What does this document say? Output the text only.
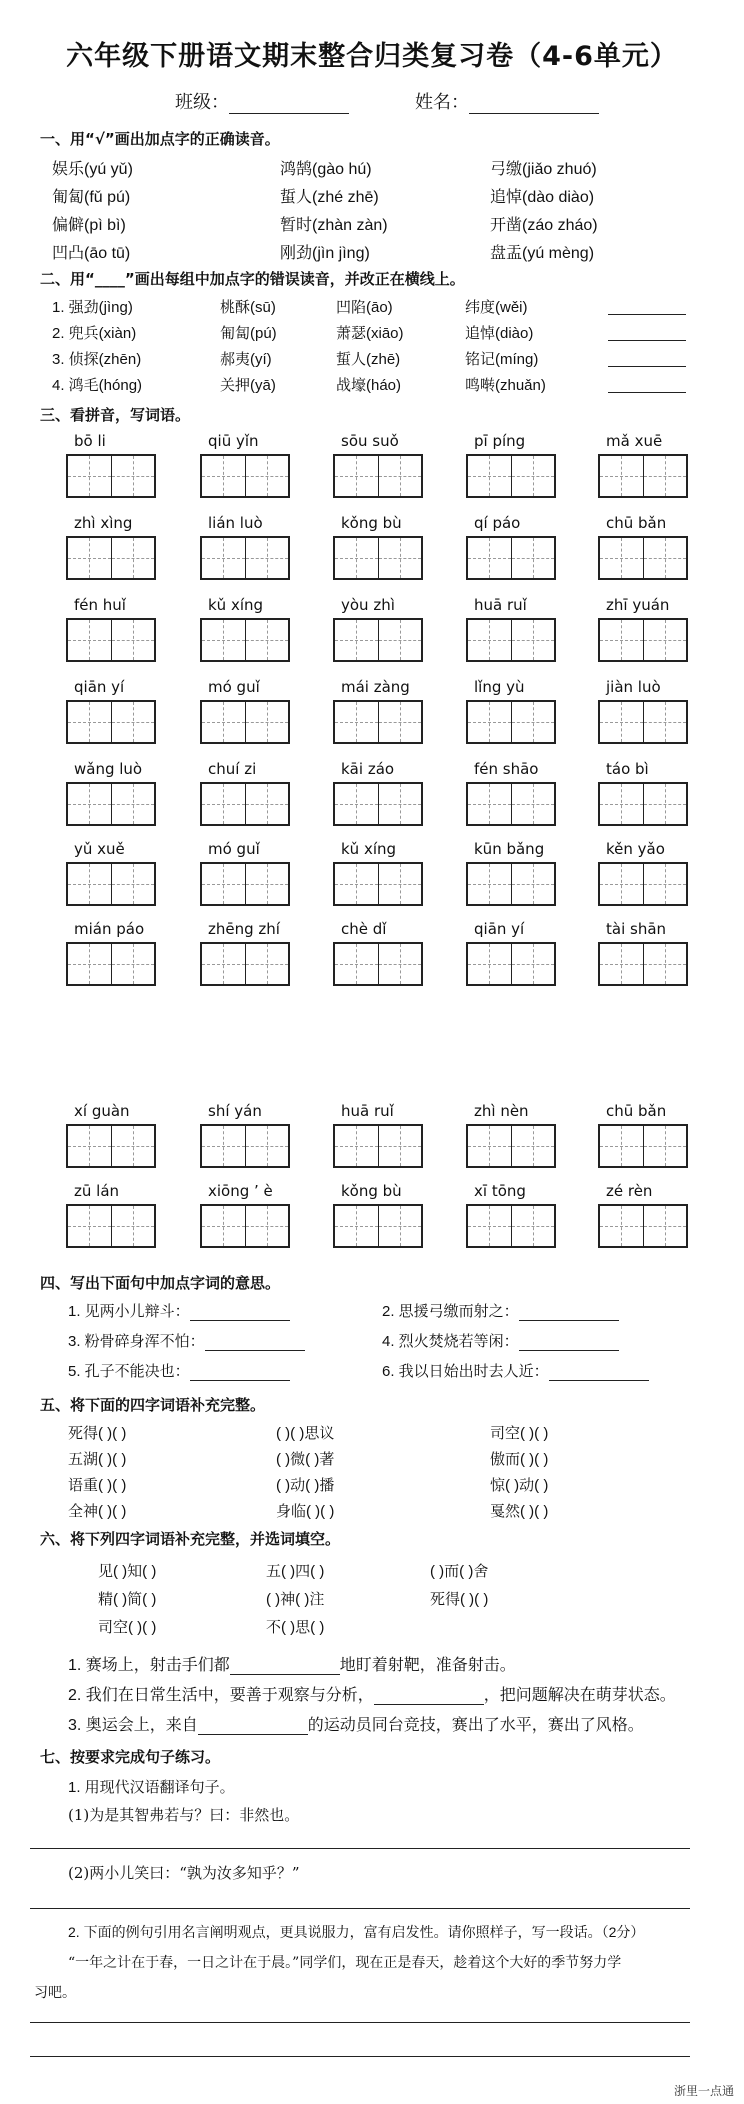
六年级下册语文期末整合归类复习卷（4-6单元）
班级：	姓名：
一、用“√”画出加点字的正确读音。
二、用“____”画出每组中加点字的错误读音，并改正在横线上。
三、看拼音，写词语。
四、写出下面句中加点字词的意思。
五、将下面的四字词语补充完整。
六、将下列四字词语补充完整，并选词填空。
1. 赛场上，射击手们都	地盯着射靶，准备射击。
2. 我们在日常生活中，要善于观察与分析，	，把问题解决在萌芽状态。
3. 奥运会上，来自	的运动员同台竞技，赛出了水平，赛出了风格。
七、按要求完成句子练习。
1. 用现代汉语翻译句子。
(1)为是其智弗若与？曰：非然也。
(2)两小儿笑曰：“孰为汝多知乎？”
2. 下面的例句引用名言阐明观点，更具说服力，富有启发性。请你照样子，写一段话。（2分）
“一年之计在于春，一日之计在于晨。”同学们，现在正是春天，趁着这个大好的季节努力学
习吧。
浙里一点通
娱乐(yú yǔ)	鸿鹄(gào hú)	弓缴(jiǎo zhuó)
匍匐(fǔ pú)	蜇人(zhé zhē)	追悼(dào diào)
偏僻(pì bì)	暂时(zhàn zàn)	开凿(záo zháo)
凹凸(āo tū)	刚劲(jìn jìng)	盘盂(yú mèng)
1. 强劲(jìng)	桃酥(sū)	凹陷(āo)	纬度(wěi)
2. 兜兵(xiàn)	匍匐(pú)	萧瑟(xiāo)	追悼(diào)
3. 侦探(zhēn)	郝夷(yí)	蜇人(zhē)	铭记(míng)
4. 鸿毛(hóng)	关押(yā)	战壕(háo)	鸣啭(zhuǎn)
bō li	qiū yǐn	sōu suǒ	pī píng	mǎ xuē
zhì xìng	lián luò	kǒng bù	qí páo	chū bǎn
fén huǐ	kǔ xíng	yòu zhì	huā ruǐ	zhī yuán
qiān yí	mó guǐ	mái zàng	lǐng yù	jiàn luò
wǎng luò	chuí zi	kāi záo	fén shāo	táo bì
yǔ xuě	mó guǐ	kǔ xíng	kūn bǎng	kěn yǎo
mián páo	zhēng zhí	chè dǐ	qiān yí	tài shān
xí guàn	shí yán	huā ruǐ	zhì nèn	chū bǎn
zū lán	xiōng ’ è	kǒng bù	xī tōng	zé rèn
1. 见两小儿辩斗：	2. 思援弓缴而射之：
3. 粉骨碎身浑不怕：	4. 烈火焚烧若等闲：
5. 孔子不能决也：	6. 我以日始出时去人近：
死得( )( )	( )( )思议	司空( )( )
五湖( )( )	( )微( )著	傲而( )( )
语重( )( )	( )动( )播	惊( )动( )
全神( )( )	身临( )( )	戛然( )( )
见( )知( )	五( )四( )	( )而( )舍
精( )简( )	( )神( )注	死得( )( )
司空( )( )	不( )思( )
